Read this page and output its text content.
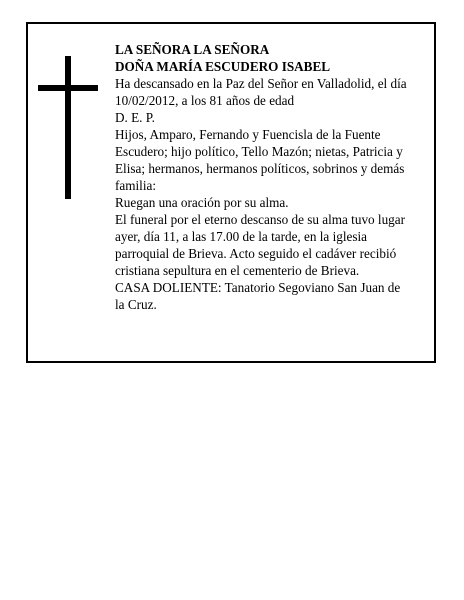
LA SEÑORA LA SEÑORA
DOÑA MARÍA ESCUDERO ISABEL
Ha descansado en la Paz del Señor en Valladolid, el día
10/02/2012, a los 81 años de edad
D. E. P.
Hijos, Amparo, Fernando y Fuencisla de la Fuente
Escudero; hijo político, Tello Mazón; nietas, Patricia y
Elisa; hermanos, hermanos políticos, sobrinos y demás
familia:
Ruegan una oración por su alma.
El funeral por el eterno descanso de su alma tuvo lugar
ayer, día 11, a las 17.00 de la tarde, en la iglesia
parroquial de Brieva. Acto seguido el cadáver recibió
cristiana sepultura en el cementerio de Brieva.
CASA DOLIENTE: Tanatorio Segoviano San Juan de
la Cruz.
